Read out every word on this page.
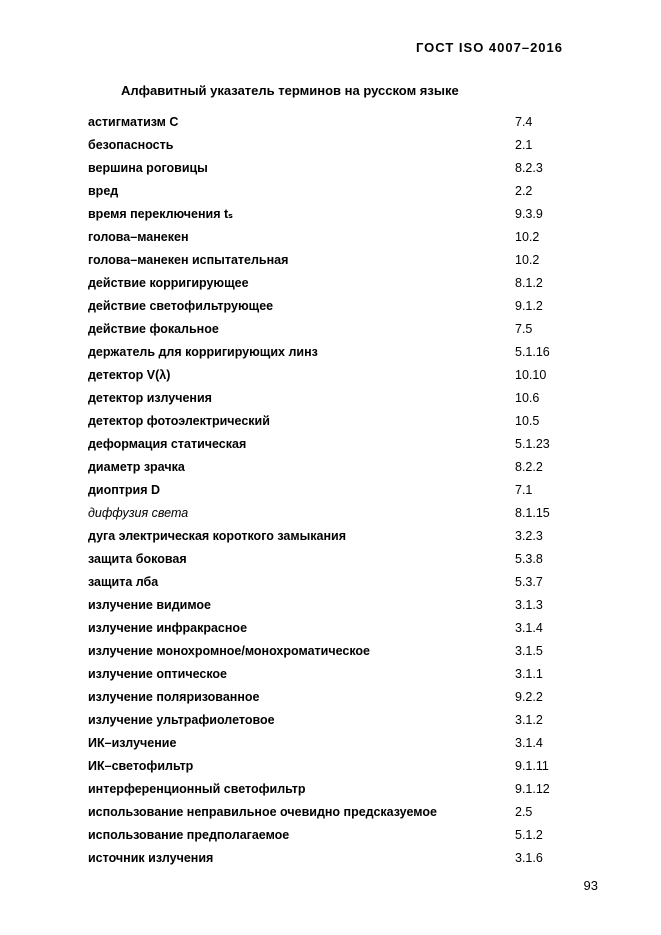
ГОСТ ISO 4007–2016
Алфавитный указатель терминов на русском языке
астигматизм C	7.4
безопасность	2.1
вершина роговицы	8.2.3
вред	2.2
время переключения tₛ	9.3.9
голова–манекен	10.2
голова–манекен испытательная	10.2
действие корригирующее	8.1.2
действие светофильтрующее	9.1.2
действие фокальное	7.5
держатель для корригирующих линз	5.1.16
детектор V(λ)	10.10
детектор излучения	10.6
детектор фотоэлектрический	10.5
деформация статическая	5.1.23
диаметр зрачка	8.2.2
диоптрия D	7.1
диффузия света	8.1.15
дуга электрическая короткого замыкания	3.2.3
защита боковая	5.3.8
защита лба	5.3.7
излучение видимое	3.1.3
излучение инфракрасное	3.1.4
излучение монохромное/монохроматическое	3.1.5
излучение оптическое	3.1.1
излучение поляризованное	9.2.2
излучение ультрафиолетовое	3.1.2
ИК–излучение	3.1.4
ИК–светофильтр	9.1.11
интерференционный светофильтр	9.1.12
использование неправильное очевидно предсказуемое	2.5
использование предполагаемое	5.1.2
источник излучения	3.1.6
93
